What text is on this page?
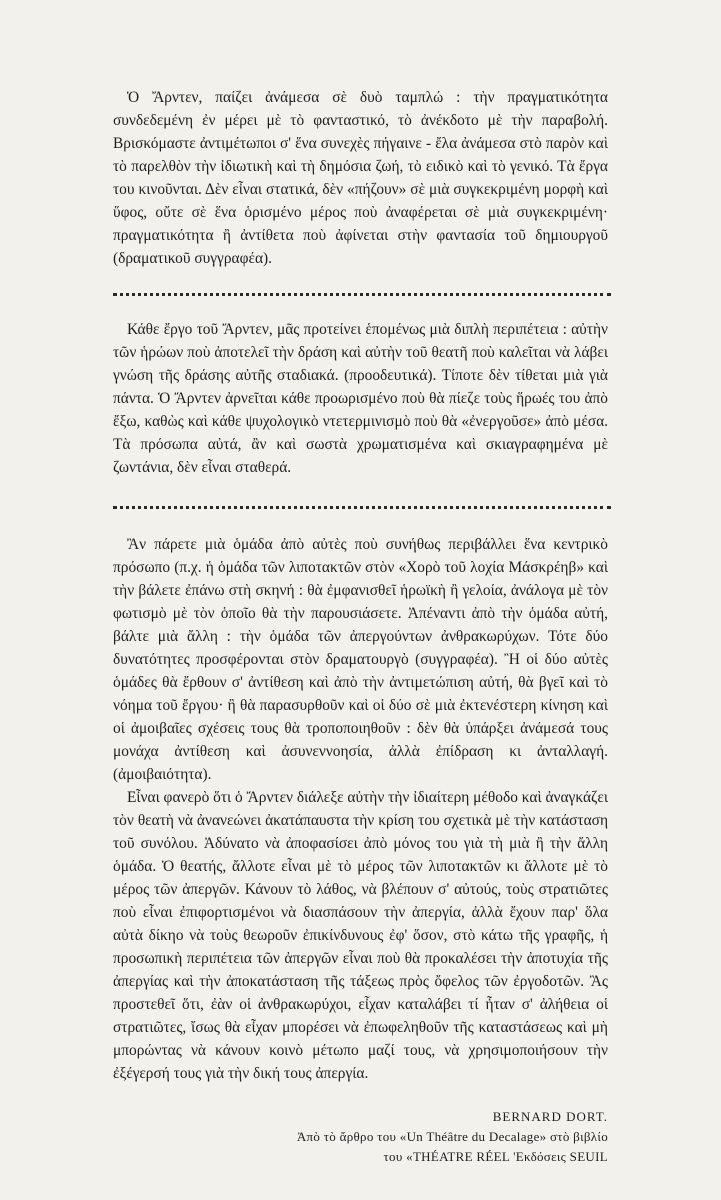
Ὁ Ἄρντεν, παίζει ἀνάμεσα σὲ δυὸ ταμπλώ : τὴν πραγματικότητα συνδεδεμένη ἐν μέρει μὲ τὸ φανταστικό, τὸ ἀνέκδοτο μὲ τὴν παραβολή. Βρισκόμαστε ἀντιμέτωποι σ' ἕνα συνεχὲς πήγαινε - ἔλα ἀνάμεσα στὸ παρὸν καὶ τὸ παρελθὸν τὴν ἰδιωτικὴ καὶ τὴ δημόσια ζωή, τὸ ειδικὸ καὶ τὸ γενικό. Τὰ ἔργα του κινοῦνται. Δὲν εἶναι στατικά, δὲν «πήζουν» σὲ μιὰ συγκεκριμένη μορφὴ καὶ ὕφος, οὔτε σὲ ἕνα ὁρισμένο μέρος ποὺ ἀναφέρεται σὲ μιὰ συγκεκριμένη· πραγματικότητα ἢ ἀντίθετα ποὺ ἀφίνεται στὴν φαντασία τοῦ δημιουργοῦ (δραματικοῦ συγγραφέα).

Κάθε ἔργο τοῦ Ἄρντεν, μᾶς προτείνει ἑπομένως μιὰ διπλὴ περιπέτεια : αὐτὴν τῶν ἡρώων ποὺ ἀποτελεῖ τὴν δράση καὶ αὐτὴν τοῦ θεατῆ ποὺ καλεῖται νὰ λάβει γνώση τῆς δράσης αὐτῆς σταδιακά. (προοδευτικά). Τίποτε δὲν τίθεται μιὰ γιὰ πάντα. Ὁ Ἄρντεν ἀρνεῖται κάθε προωρισμένο ποὺ θὰ πίεζε τοὺς ἥρωές του ἀπὸ ἔξω, καθὼς καὶ κάθε ψυχολογικὸ ντετερμινισμὸ ποὺ θὰ «ἐνεργοῦσε» ἀπὸ μέσα. Τὰ πρόσωπα αὐτά, ἂν καὶ σωστὰ χρωματισμένα καὶ σκιαγραφημένα μὲ ζωντάνια, δὲν εἶναι σταθερά.

Ἂν πάρετε μιὰ ὁμάδα ἀπὸ αὐτὲς ποὺ συνήθως περιβάλλει ἕνα κεντρικὸ πρόσωπο (π.χ. ἡ ὁμάδα τῶν λιποτακτῶν στὸν «Χορὸ τοῦ λοχία Μάσκρέηβ» καὶ τὴν βάλετε ἐπάνω στὴ σκηνή : θὰ ἐμφανισθεῖ ἡρωϊκὴ ἢ γελοία, ἀνάλογα μὲ τὸν φωτισμὸ μὲ τὸν ὁποῖο θὰ τὴν παρουσιάσετε. Ἀπέναντι ἀπὸ τὴν ὁμάδα αὐτή, βάλτε μιὰ ἄλλη : τὴν ὁμάδα τῶν ἀπεργούντων ἀνθρακωρύχων. Τότε δύο δυνατότητες προσφέρονται στὸν δραματουργὸ (συγγραφέα). Ἢ οἱ δύο αὐτὲς ὁμάδες θὰ ἔρθουν σ' ἀντίθεση καὶ ἀπὸ τὴν ἀντιμετώπιση αὐτή, θὰ βγεῖ καὶ τὸ νόημα τοῦ ἔργου· ἢ θὰ παρασυρθοῦν καὶ οἱ δύο σὲ μιὰ ἐκτενέστερη κίνηση καὶ οἱ ἀμοιβαῖες σχέσεις τους θὰ τροποποιηθοῦν : δὲν θὰ ὑπάρξει ἀνάμεσά τους μονάχα ἀντίθεση καὶ ἀσυνεννοησία, ἀλλὰ ἐπίδραση κι ἀνταλλαγή. (ἀμοιβαιότητα).

Εἶναι φανερὸ ὅτι ὁ Ἄρντεν διάλεξε αὐτὴν τὴν ἰδιαίτερη μέθοδο καὶ ἀναγκάζει τὸν θεατὴ νὰ ἀνανεώνει ἀκατάπαυστα τὴν κρίση του σχετικὰ μὲ τὴν κατάσταση τοῦ συνόλου. Ἀδύνατο νὰ ἀποφασίσει ἀπὸ μόνος του γιὰ τὴ μιὰ ἢ τὴν ἄλλη ὁμάδα. Ὁ θεατής, ἄλλοτε εἶναι μὲ τὸ μέρος τῶν λιποτακτῶν κι ἄλλοτε μὲ τὸ μέρος τῶν ἀπεργῶν. Κάνουν τὸ λάθος, νὰ βλέπουν σ' αὐτούς, τοὺς στρατιῶτες ποὺ εἶναι ἐπιφορτισμένοι νὰ διασπάσουν τὴν ἀπεργία, ἀλλὰ ἔχουν παρ' ὅλα αὐτὰ δίκηο νὰ τοὺς θεωροῦν ἐπικίνδυνους ἐφ' ὅσον, στὸ κάτω τῆς γραφῆς, ἡ προσωπικὴ περιπέτεια τῶν ἀπεργῶν εἶναι ποὺ θὰ προκαλέσει τὴν ἀποτυχία τῆς ἀπεργίας καὶ τὴν ἀποκατάσταση τῆς τάξεως πρὸς ὄφελος τῶν ἐργοδοτῶν. Ἂς προστεθεῖ ὅτι, ἐὰν οἱ ἀνθρακωρύχοι, εἶχαν καταλάβει τί ἦταν σ' ἀλήθεια οἱ στρατιῶτες, ἴσως θὰ εἶχαν μπορέσει νὰ ἐπωφεληθοῦν τῆς καταστάσεως καὶ μὴ μπορώντας νὰ κάνουν κοινὸ μέτωπο μαζί τους, νὰ χρησιμοποιήσουν τὴν ἐξέγερσή τους γιὰ τὴν δική τους ἀπεργία.

BERNARD DORT.
Ἀπὸ τὸ ἄρθρο του «Un Théâtre du Decalage» στὸ βιβλίο
του «THÉATRE RÉEL 'Εκδόσεις SEUIL
